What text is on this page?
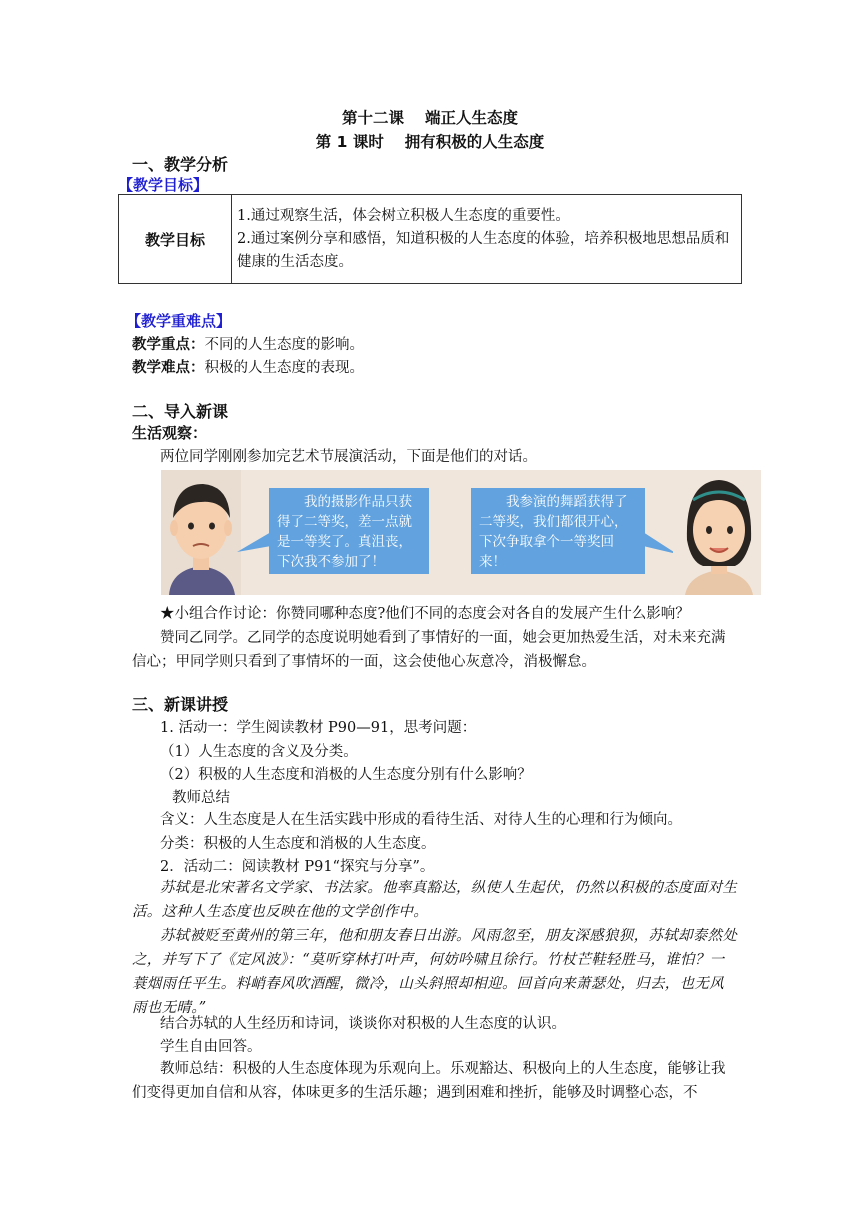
第十二课　 端正人生态度
第 1 课时　 拥有积极的人生态度
一、教学分析
【教学目标】
教学目标
1.通过观察生活，体会树立积极人生态度的重要性。
2.通过案例分享和感悟，知道积极的人生态度的体验，培养积极地思想品质和健康的生活态度。
【教学重难点】
教学重点：不同的人生态度的影响。
教学难点：积极的人生态度的表现。
二、导入新课
生活观察：
两位同学刚刚参加完艺术节展演活动，下面是他们的对话。
我的摄影作品只获得了二等奖，差一点就是一等奖了。真沮丧，下次我不参加了！
我参演的舞蹈获得了二等奖，我们都很开心，下次争取拿个一等奖回来！
★小组合作讨论：你赞同哪种态度?他们不同的态度会对各自的发展产生什么影响？
赞同乙同学。乙同学的态度说明她看到了事情好的一面，她会更加热爱生活，对未来充满信心；甲同学则只看到了事情坏的一面，这会使他心灰意冷，消极懈怠。
三、新课讲授
1. 活动一：学生阅读教材 P90—91，思考问题：
（1）人生态度的含义及分类。
（2）积极的人生态度和消极的人生态度分别有什么影响？
教师总结
含义：人生态度是人在生活实践中形成的看待生活、对待人生的心理和行为倾向。
分类：积极的人生态度和消极的人生态度。
2．活动二：阅读教材 P91“探究与分享”。
苏轼是北宋著名文学家、书法家。他率真豁达，纵使人生起伏，仍然以积极的态度面对生活。这种人生态度也反映在他的文学创作中。
苏轼被贬至黄州的第三年，他和朋友春日出游。风雨忽至，朋友深感狼狈，苏轼却泰然处之，并写下了《定风波》：“莫听穿林打叶声，何妨吟啸且徐行。竹杖芒鞋轻胜马，谁怕？一蓑烟雨任平生。料峭春风吹酒醒，微冷，山头斜照却相迎。回首向来萧瑟处，归去，也无风雨也无晴。”
结合苏轼的人生经历和诗词，谈谈你对积极的人生态度的认识。
学生自由回答。
教师总结：积极的人生态度体现为乐观向上。乐观豁达、积极向上的人生态度，能够让我们变得更加自信和从容，体味更多的生活乐趣；遇到困难和挫折，能够及时调整心态，不
